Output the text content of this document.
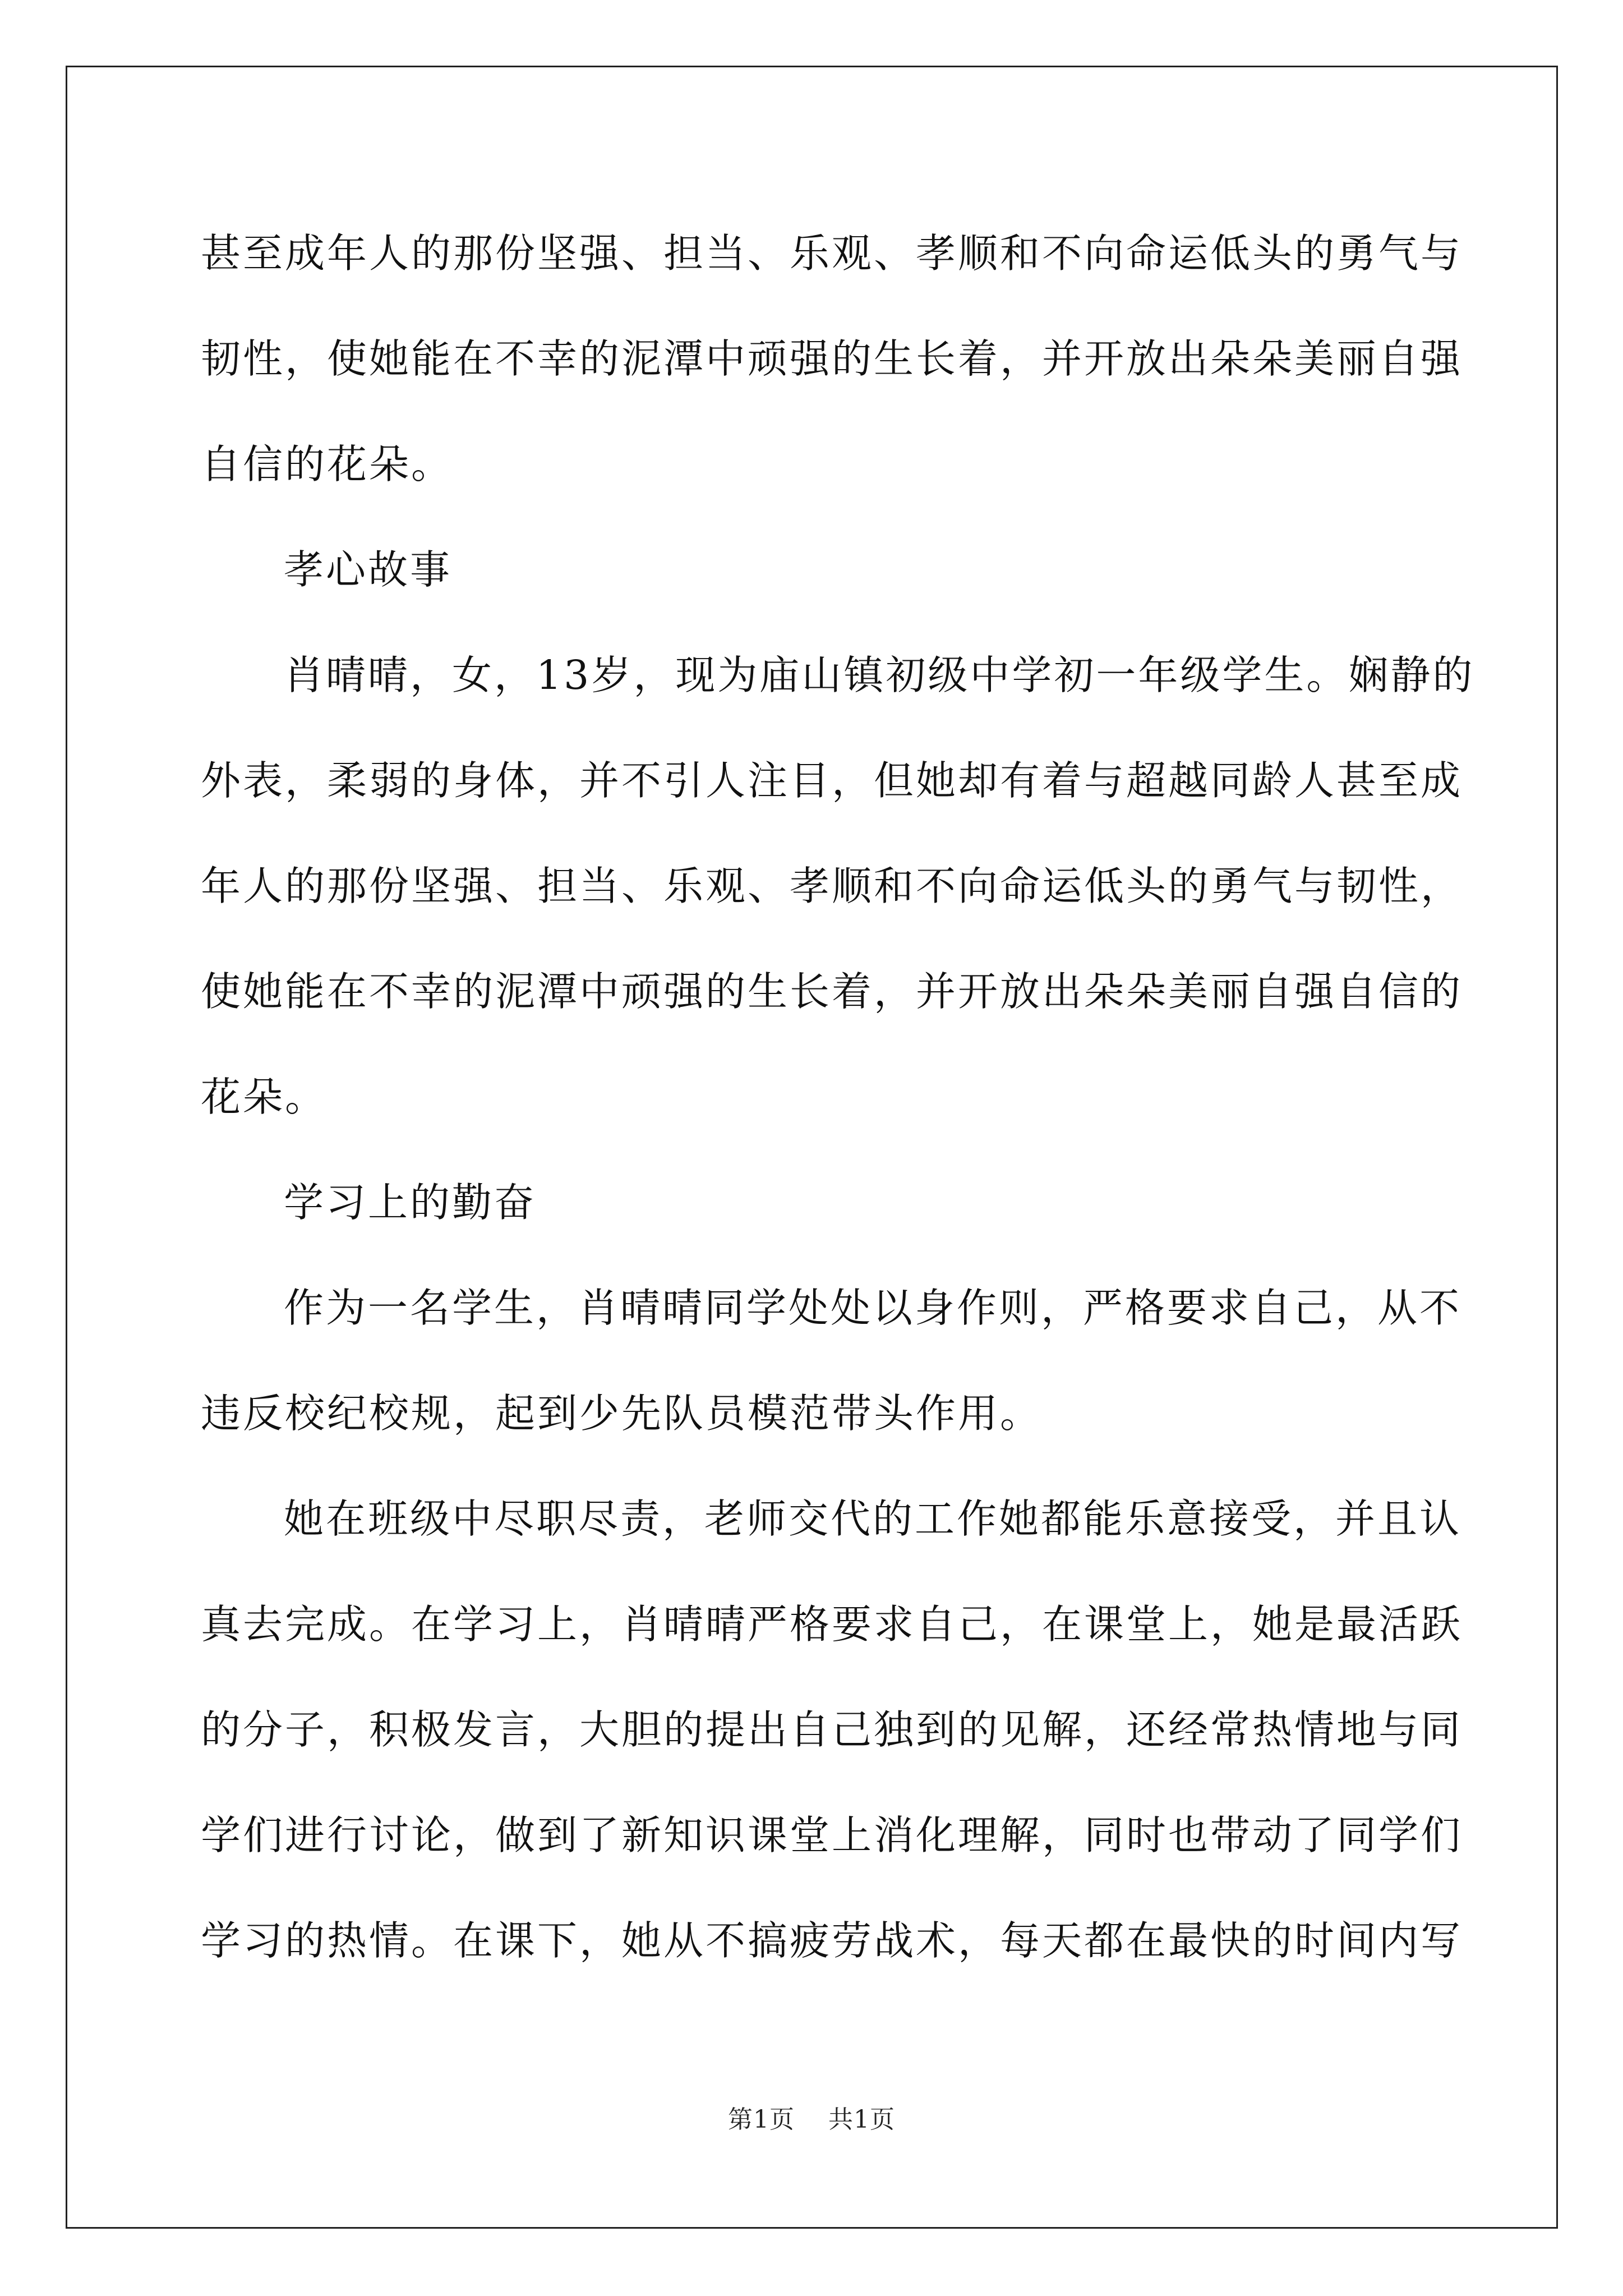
甚至成年人的那份坚强、担当、乐观、孝顺和不向命运低头的勇气与
韧性，使她能在不幸的泥潭中顽强的生长着，并开放出朵朵美丽自强
自信的花朵。
孝心故事
肖晴晴，女，13岁，现为庙山镇初级中学初一年级学生。娴静的
外表，柔弱的身体，并不引人注目，但她却有着与超越同龄人甚至成
年人的那份坚强、担当、乐观、孝顺和不向命运低头的勇气与韧性，
使她能在不幸的泥潭中顽强的生长着，并开放出朵朵美丽自强自信的
花朵。
学习上的勤奋
作为一名学生，肖晴晴同学处处以身作则，严格要求自己，从不
违反校纪校规，起到少先队员模范带头作用。
她在班级中尽职尽责，老师交代的工作她都能乐意接受，并且认
真去完成。在学习上，肖晴晴严格要求自己，在课堂上，她是最活跃
的分子，积极发言，大胆的提出自己独到的见解，还经常热情地与同
学们进行讨论，做到了新知识课堂上消化理解，同时也带动了同学们
学习的热情。在课下，她从不搞疲劳战术，每天都在最快的时间内写
第1页 共1页
